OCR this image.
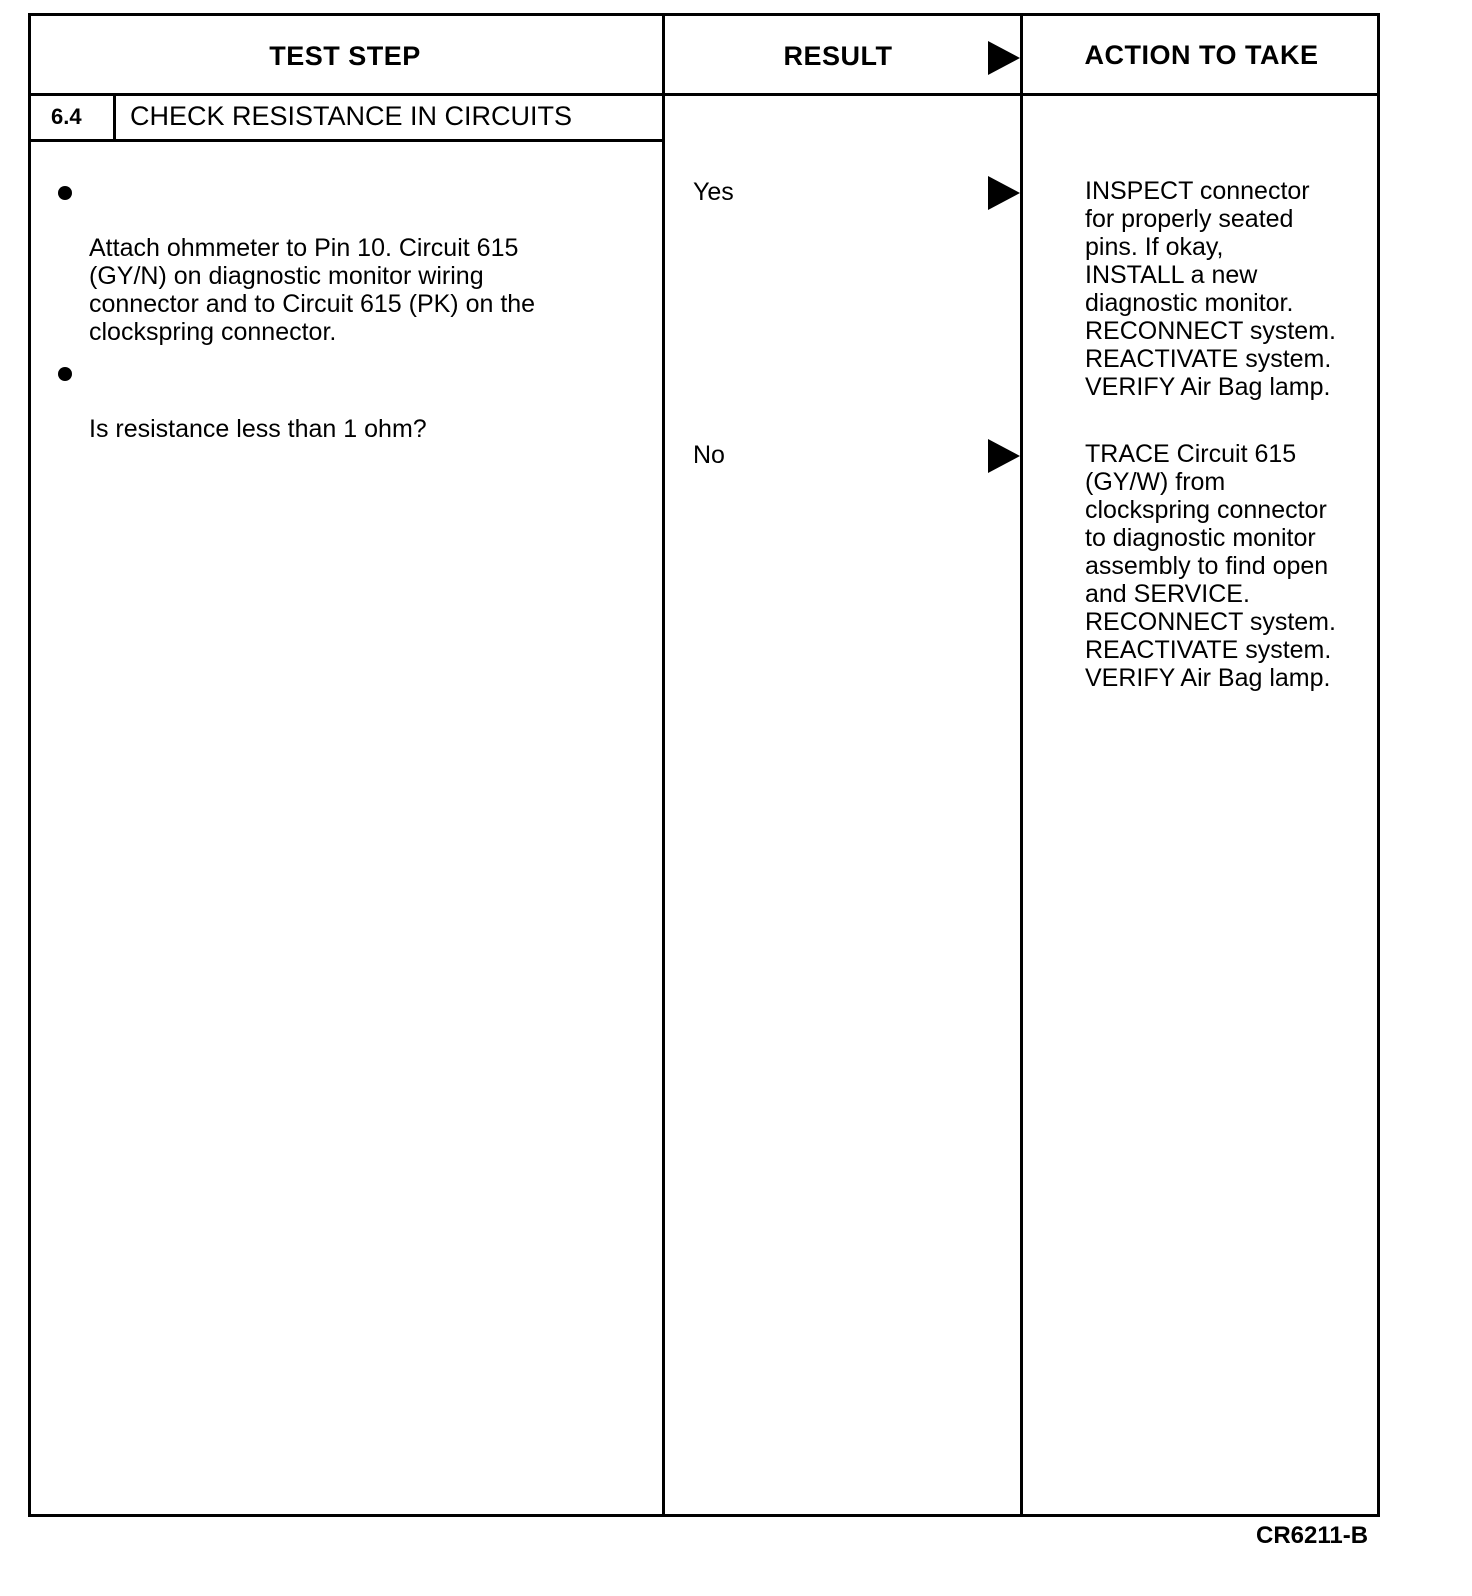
TEST STEP	RESULT	ACTION TO TAKE
6.4 CHECK RESISTANCE IN CIRCUITS

Attach ohmmeter to Pin 10. Circuit 615
(GY/N) on diagnostic monitor wiring
connector and to Circuit 615 (PK) on the
clockspring connector.

Is resistance less than 1 ohm?

Yes	INSPECT connector
for properly seated
pins. If okay,
INSTALL a new
diagnostic monitor.
RECONNECT system.
REACTIVATE system.
VERIFY Air Bag lamp.
No	TRACE Circuit 615
(GY/W) from
clockspring connector
to diagnostic monitor
assembly to find open
and SERVICE.
RECONNECT system.
REACTIVATE system.
VERIFY Air Bag lamp.
CR6211-B
